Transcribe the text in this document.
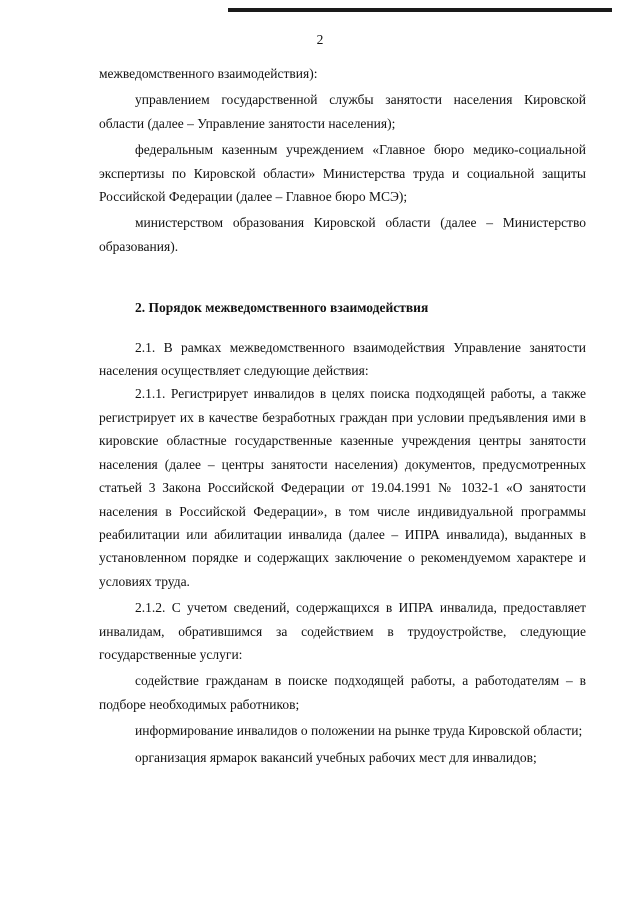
2

межведомственного взаимодействия):

управлением государственной службы занятости населения Кировской области (далее – Управление занятости населения);

федеральным казенным учреждением «Главное бюро медико-социальной экспертизы по Кировской области» Министерства труда и социальной защиты Российской Федерации (далее – Главное бюро МСЭ);

министерством образования Кировской области (далее – Министерство образования).

2. Порядок межведомственного взаимодействия

2.1. В рамках межведомственного взаимодействия Управление занятости населения осуществляет следующие действия:

2.1.1. Регистрирует инвалидов в целях поиска подходящей работы, а также регистрирует их в качестве безработных граждан при условии предъявления ими в кировские областные государственные казенные учреждения центры занятости населения (далее – центры занятости населения) документов, предусмотренных статьей 3 Закона Российской Федерации от 19.04.1991 № 1032-1 «О занятости населения в Российской Федерации», в том числе индивидуальной программы реабилитации или абилитации инвалида (далее – ИПРА инвалида), выданных в установленном порядке и содержащих заключение о рекомендуемом характере и условиях труда.

2.1.2. С учетом сведений, содержащихся в ИПРА инвалида, предоставляет инвалидам, обратившимся за содействием в трудоустройстве, следующие государственные услуги:

содействие гражданам в поиске подходящей работы, а работодателям – в подборе необходимых работников;

информирование инвалидов о положении на рынке труда Кировской области;

организация ярмарок вакансий учебных рабочих мест для инвалидов;
